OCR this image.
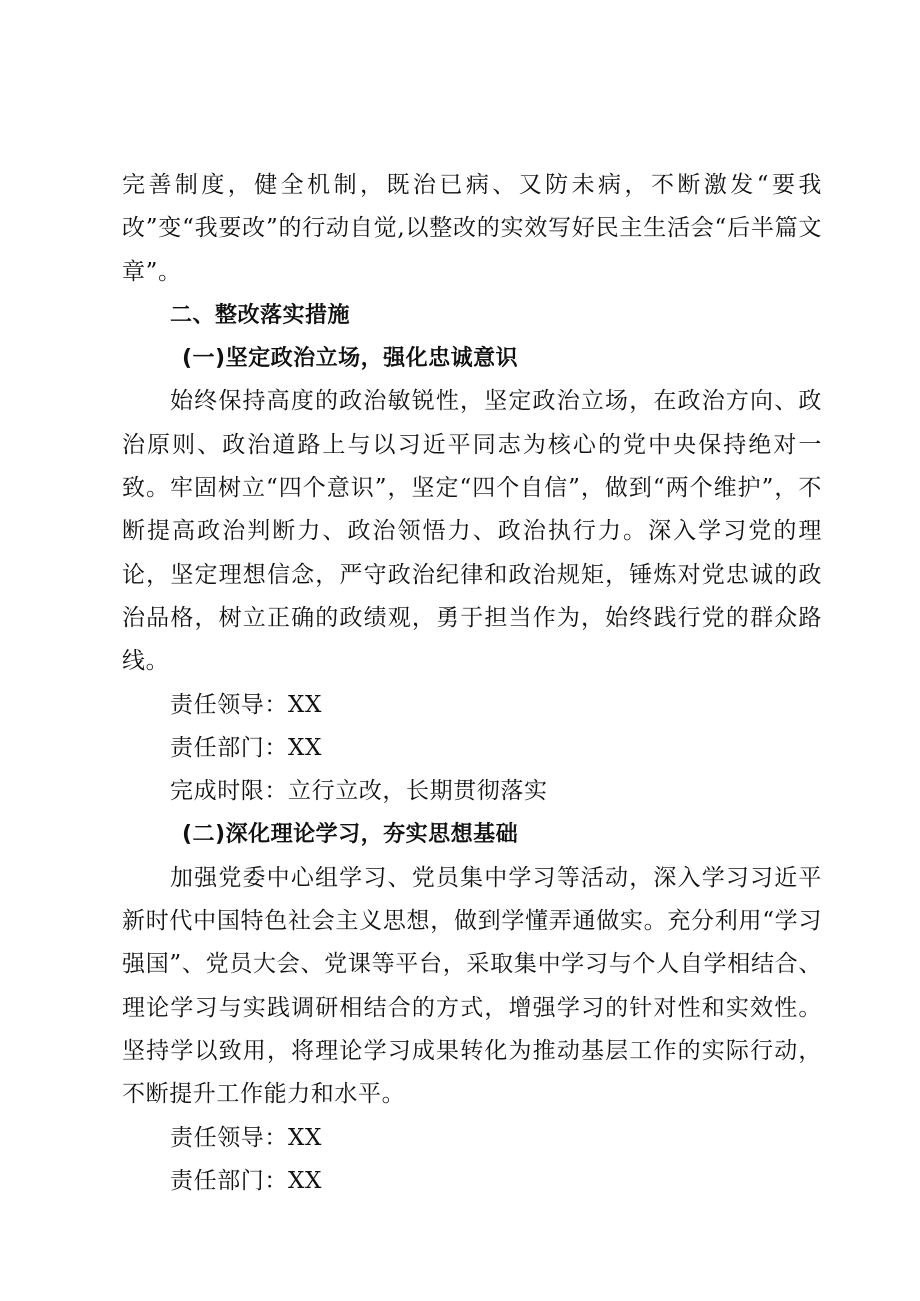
完善制度，健全机制，既治已病、又防未病，不断激发“要我改”变“我要改”的行动自觉,以整改的实效写好民主生活会“后半篇文章”。

二、整改落实措施

(一)坚定政治立场，强化忠诚意识

始终保持高度的政治敏锐性，坚定政治立场，在政治方向、政治原则、政治道路上与以习近平同志为核心的党中央保持绝对一致。牢固树立“四个意识”，坚定“四个自信”，做到“两个维护”，不断提高政治判断力、政治领悟力、政治执行力。深入学习党的理论，坚定理想信念，严守政治纪律和政治规矩，锤炼对党忠诚的政治品格，树立正确的政绩观，勇于担当作为，始终践行党的群众路线。

责任领导：XX

责任部门：XX

完成时限：立行立改，长期贯彻落实

(二)深化理论学习，夯实思想基础

加强党委中心组学习、党员集中学习等活动，深入学习习近平新时代中国特色社会主义思想，做到学懂弄通做实。充分利用“学习强国”、党员大会、党课等平台，采取集中学习与个人自学相结合、理论学习与实践调研相结合的方式，增强学习的针对性和实效性。坚持学以致用，将理论学习成果转化为推动基层工作的实际行动，不断提升工作能力和水平。

责任领导：XX

责任部门：XX
